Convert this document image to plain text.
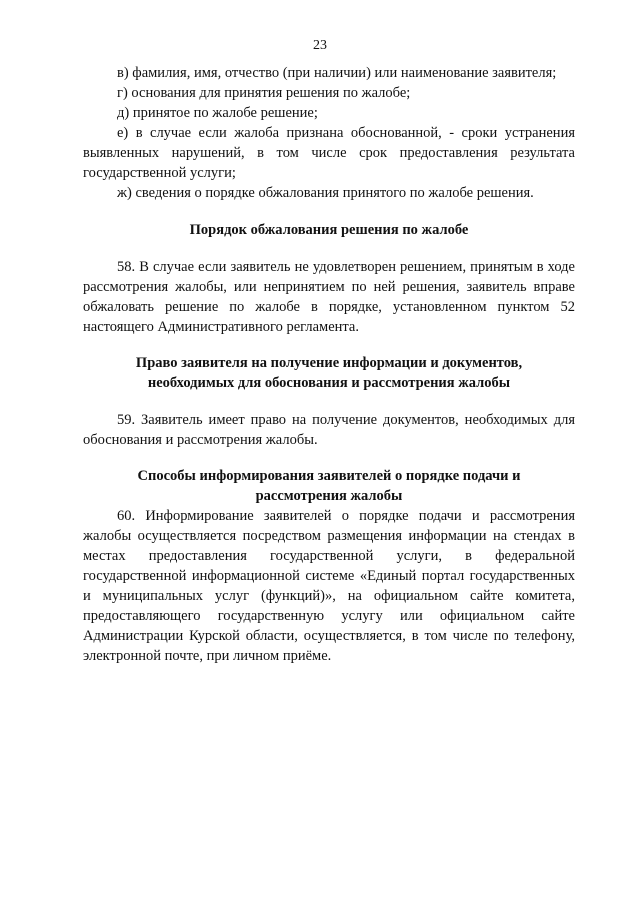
23

в) фамилия, имя, отчество (при наличии) или наименование заявителя;

г) основания для принятия решения по жалобе;

д) принятое по жалобе решение;

е) в случае если жалоба признана обоснованной, - сроки устранения выявленных нарушений, в том числе срок предоставления результата государственной услуги;

ж) сведения о порядке обжалования принятого по жалобе решения.

Порядок обжалования решения по жалобе

58. В случае если заявитель не удовлетворен решением, принятым в ходе рассмотрения жалобы, или непринятием по ней решения, заявитель вправе обжаловать решение по жалобе в порядке, установленном пунктом 52 настоящего Административного регламента.

Право заявителя на получение информации и документов,
необходимых для обоснования и рассмотрения жалобы

59. Заявитель имеет право на получение документов, необходимых для обоснования и рассмотрения жалобы.

Способы информирования заявителей о порядке подачи и
рассмотрения жалобы

60. Информирование заявителей о порядке подачи и рассмотрения жалобы осуществляется посредством размещения информации на стендах в местах предоставления государственной услуги, в федеральной государственной информационной системе «Единый портал государственных и муниципальных услуг (функций)», на официальном сайте комитета, предоставляющего государственную услугу или официальном сайте Администрации Курской области, осуществляется, в том числе по телефону, электронной почте, при личном приёме.
